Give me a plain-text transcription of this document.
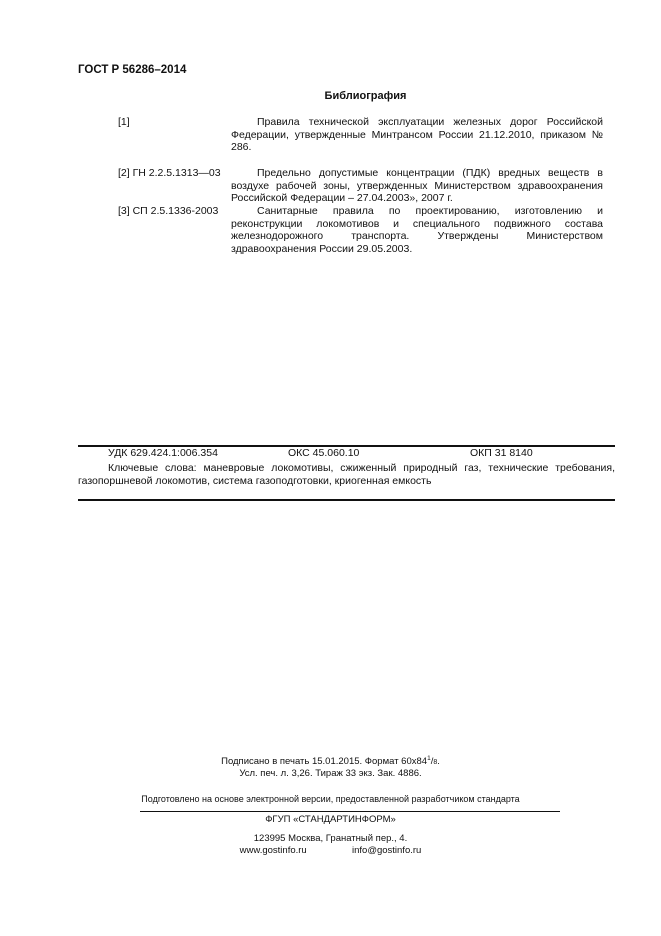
ГОСТ Р 56286–2014
Библиография
[1]	Правила технической эксплуатации железных дорог Российской Федерации, утвержденные Минтрансом России 21.12.2010, приказом № 286.
[2] ГН 2.2.5.1313—03	Предельно допустимые концентрации (ПДК) вредных веществ в воздухе рабочей зоны, утвержденных Министерством здравоохранения Российской Федерации – 27.04.2003», 2007 г.
[3] СП 2.5.1336-2003	Санитарные правила по проектированию, изготовлению и реконструкции локомотивов и специального подвижного состава железнодорожного транспорта. Утверждены Министерством здравоохранения России 29.05.2003.
УДК 629.424.1:006.354	ОКС 45.060.10	ОКП 31 8140
Ключевые слова: маневровые локомотивы, сжиженный природный газ, технические требования, газопоршневой локомотив, система газоподготовки, криогенная емкость
Подписано в печать 15.01.2015. Формат $60х84^1/8$.
Усл. печ. л. 3,26. Тираж 33 экз. Зак. 4886.
Подготовлено на основе электронной версии, предоставленной разработчиком стандарта
ФГУП «СТАНДАРТИНФОРМ»
123995 Москва, Гранатный пер., 4.
www.gostinfo.ru	info@gostinfo.ru
